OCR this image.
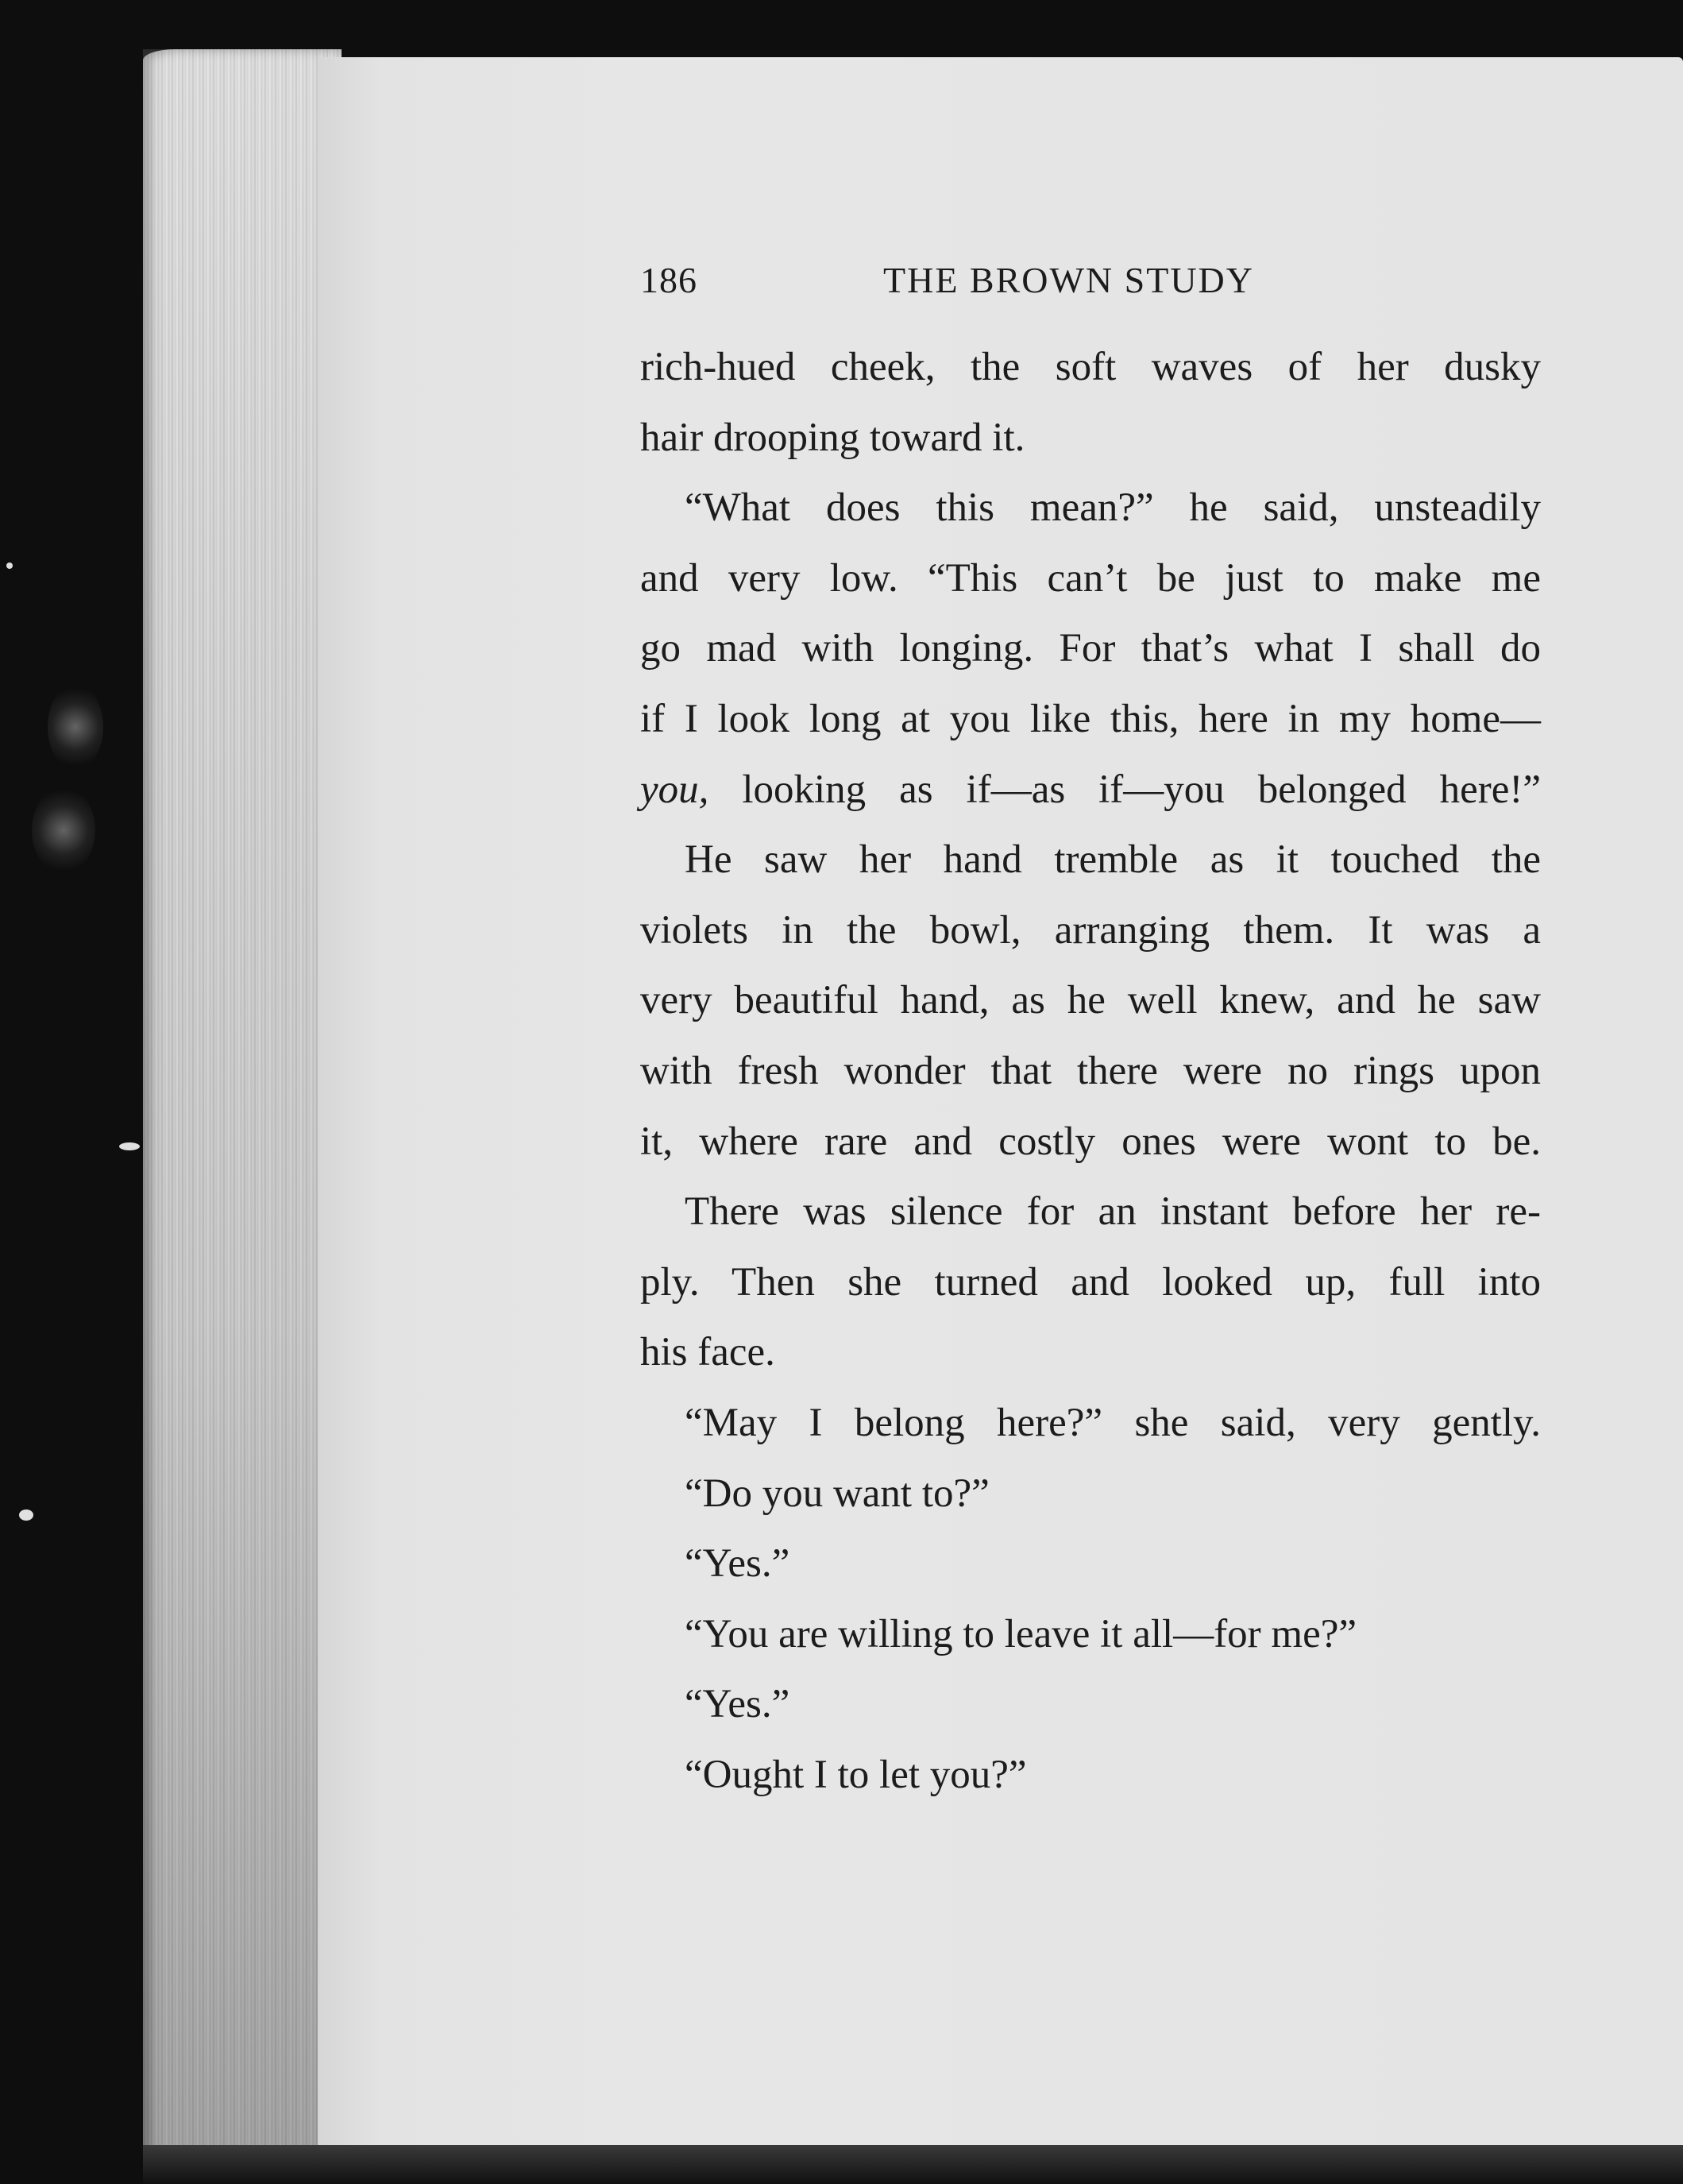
186	THE BROWN STUDY
rich-hued cheek, the soft waves of her dusky
hair drooping toward it.
“What does this mean?” he said, unsteadily
and very low. “This can’t be just to make me
go mad with longing. For that’s what I shall do
if I look long at you like this, here in my home—
you, looking as if—as if—you belonged here!”
He saw her hand tremble as it touched the
violets in the bowl, arranging them. It was a
very beautiful hand, as he well knew, and he saw
with fresh wonder that there were no rings upon
it, where rare and costly ones were wont to be.
There was silence for an instant before her re-
ply. Then she turned and looked up, full into
his face.
“May I belong here?” she said, very gently.
“Do you want to?”
“Yes.”
“You are willing to leave it all—for me?”
“Yes.”
“Ought I to let you?”
